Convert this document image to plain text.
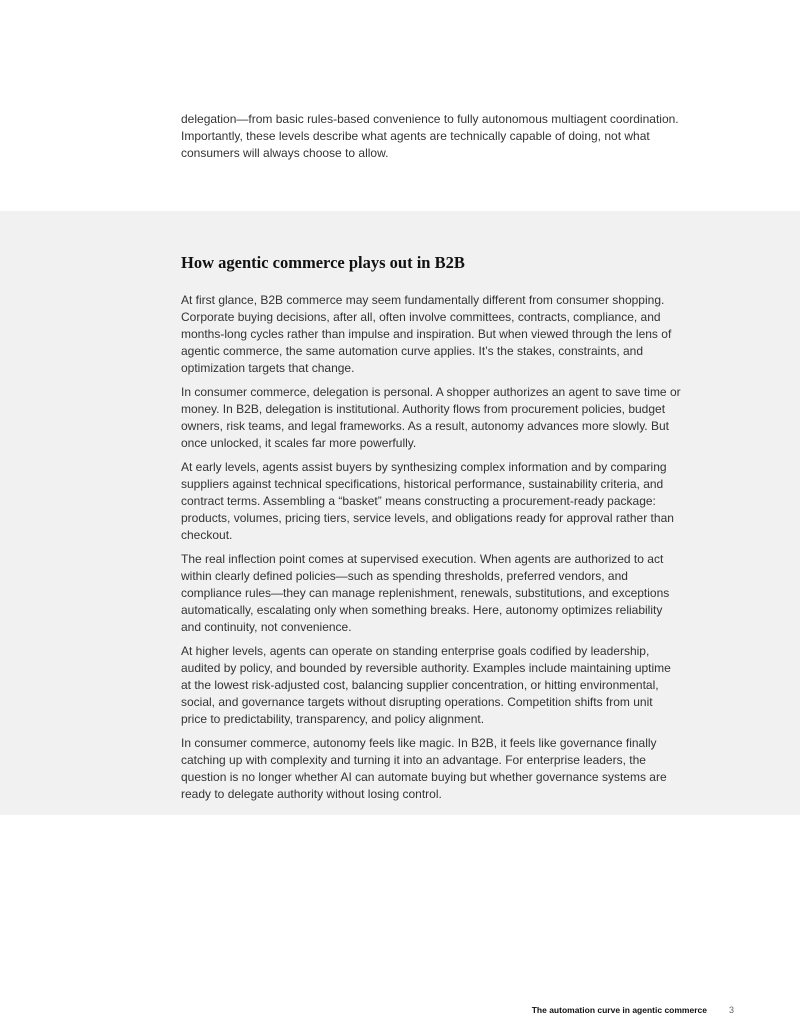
delegation—from basic rules-based convenience to fully autonomous multiagent coordination. Importantly, these levels describe what agents are technically capable of doing, not what consumers will always choose to allow.

How agentic commerce plays out in B2B

At first glance, B2B commerce may seem fundamentally different from consumer shopping. Corporate buying decisions, after all, often involve committees, contracts, compliance, and months-long cycles rather than impulse and inspiration. But when viewed through the lens of agentic commerce, the same automation curve applies. It’s the stakes, constraints, and optimization targets that change.

In consumer commerce, delegation is personal. A shopper authorizes an agent to save time or money. In B2B, delegation is institutional. Authority flows from procurement policies, budget owners, risk teams, and legal frameworks. As a result, autonomy advances more slowly. But once unlocked, it scales far more powerfully.

At early levels, agents assist buyers by synthesizing complex information and by comparing suppliers against technical specifications, historical performance, sustainability criteria, and contract terms. Assembling a “basket” means constructing a procurement-ready package: products, volumes, pricing tiers, service levels, and obligations ready for approval rather than checkout.

The real inflection point comes at supervised execution. When agents are authorized to act within clearly defined policies—such as spending thresholds, preferred vendors, and compliance rules—they can manage replenishment, renewals, substitutions, and exceptions automatically, escalating only when something breaks. Here, autonomy optimizes reliability and continuity, not convenience.

At higher levels, agents can operate on standing enterprise goals codified by leadership, audited by policy, and bounded by reversible authority. Examples include maintaining uptime at the lowest risk-adjusted cost, balancing supplier concentration, or hitting environmental, social, and governance targets without disrupting operations. Competition shifts from unit price to predictability, transparency, and policy alignment.

In consumer commerce, autonomy feels like magic. In B2B, it feels like governance finally catching up with complexity and turning it into an advantage. For enterprise leaders, the question is no longer whether AI can automate buying but whether governance systems are ready to delegate authority without losing control.

The automation curve in agentic commerce 3
